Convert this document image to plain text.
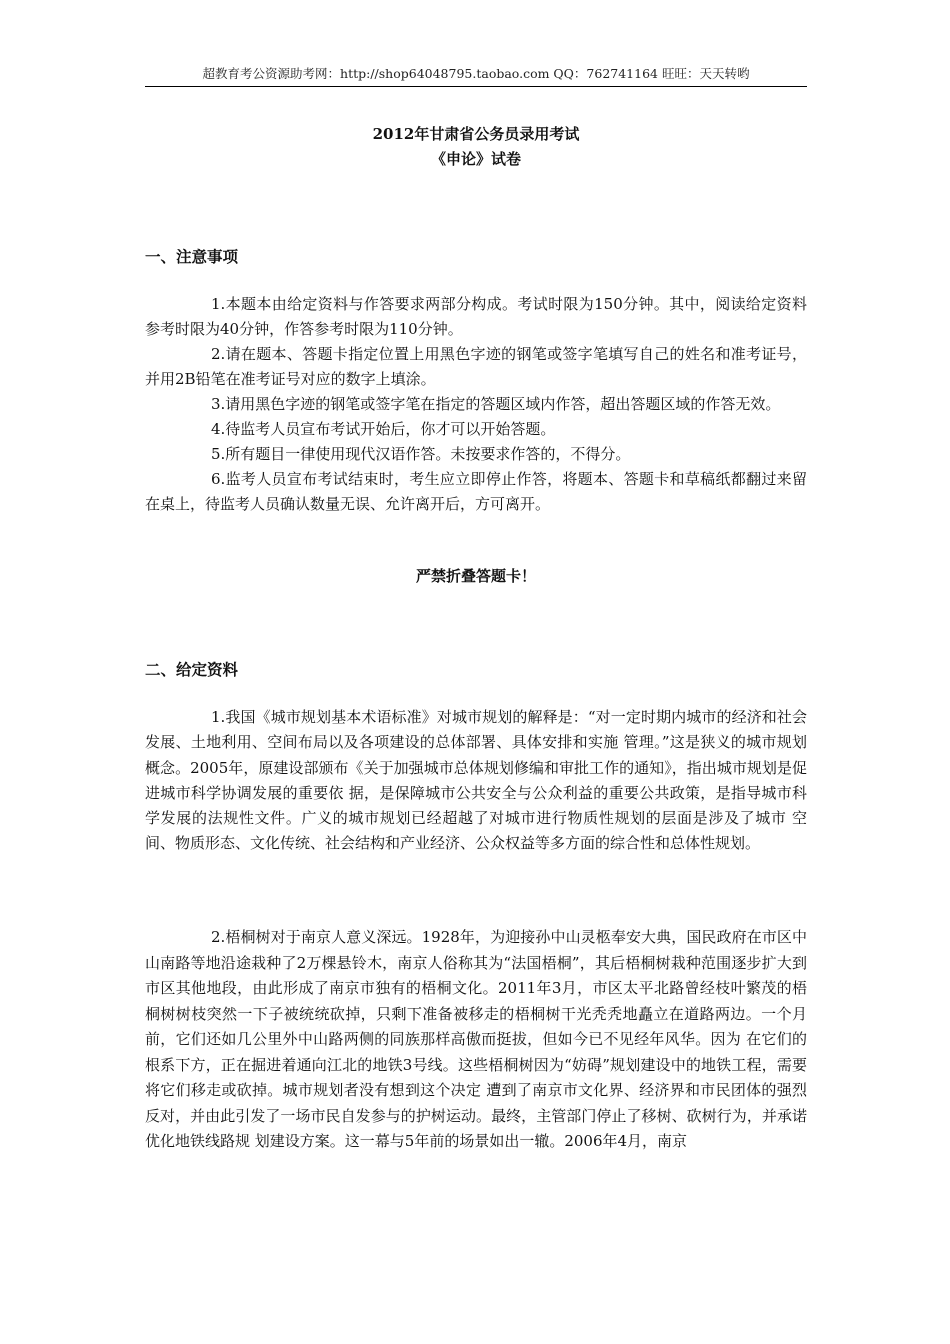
超教育考公资源助考网：http://shop64048795.taobao.com QQ：762741164 旺旺：天天转哟
2012年甘肃省公务员录用考试
《申论》试卷
一、注意事项

1.本题本由给定资料与作答要求两部分构成。考试时限为150分钟。其中，阅读给定资料参考时限为40分钟，作答参考时限为110分钟。

2.请在题本、答题卡指定位置上用黑色字迹的钢笔或签字笔填写自己的姓名和准考证号，并用2B铅笔在准考证号对应的数字上填涂。

3.请用黑色字迹的钢笔或签字笔在指定的答题区域内作答，超出答题区域的作答无效。

4.待监考人员宣布考试开始后，你才可以开始答题。

5.所有题目一律使用现代汉语作答。未按要求作答的，不得分。

6.监考人员宣布考试结束时，考生应立即停止作答，将题本、答题卡和草稿纸都翻过来留在桌上，待监考人员确认数量无误、允许离开后，方可离开。

严禁折叠答题卡！
二、给定资料

1.我国《城市规划基本术语标准》对城市规划的解释是：“对一定时期内城市的经济和社会发展、土地利用、空间布局以及各项建设的总体部署、具体安排和实施 管理。”这是狭义的城市规划概念。2005年，原建设部颁布《关于加强城市总体规划修编和审批工作的通知》，指出城市规划是促进城市科学协调发展的重要依 据，是保障城市公共安全与公众利益的重要公共政策，是指导城市科学发展的法规性文件。广义的城市规划已经超越了对城市进行物质性规划的层面是涉及了城市 空间、物质形态、文化传统、社会结构和产业经济、公众权益等多方面的综合性和总体性规划。

2.梧桐树对于南京人意义深远。1928年，为迎接孙中山灵柩奉安大典，国民政府在市区中山南路等地沿途栽种了2万棵悬铃木，南京人俗称其为“法国梧桐”，其后梧桐树栽种范围逐步扩大到市区其他地段，由此形成了南京市独有的梧桐文化。2011年3月，市区太平北路曾经枝叶繁茂的梧桐树树枝突然一下子被统统砍掉，只剩下准备被移走的梧桐树干光秃秃地矗立在道路两边。一个月前，它们还如几公里外中山路两侧的同族那样高傲而挺拔，但如今已不见经年风华。因为 在它们的根系下方，正在掘进着通向江北的地铁3号线。这些梧桐树因为“妨碍”规划建设中的地铁工程，需要将它们移走或砍掉。城市规划者没有想到这个决定 遭到了南京市文化界、经济界和市民团体的强烈反对，并由此引发了一场市民自发参与的护树运动。最终，主管部门停止了移树、砍树行为，并承诺优化地铁线路规 划建设方案。这一幕与5年前的场景如出一辙。2006年4月，南京
